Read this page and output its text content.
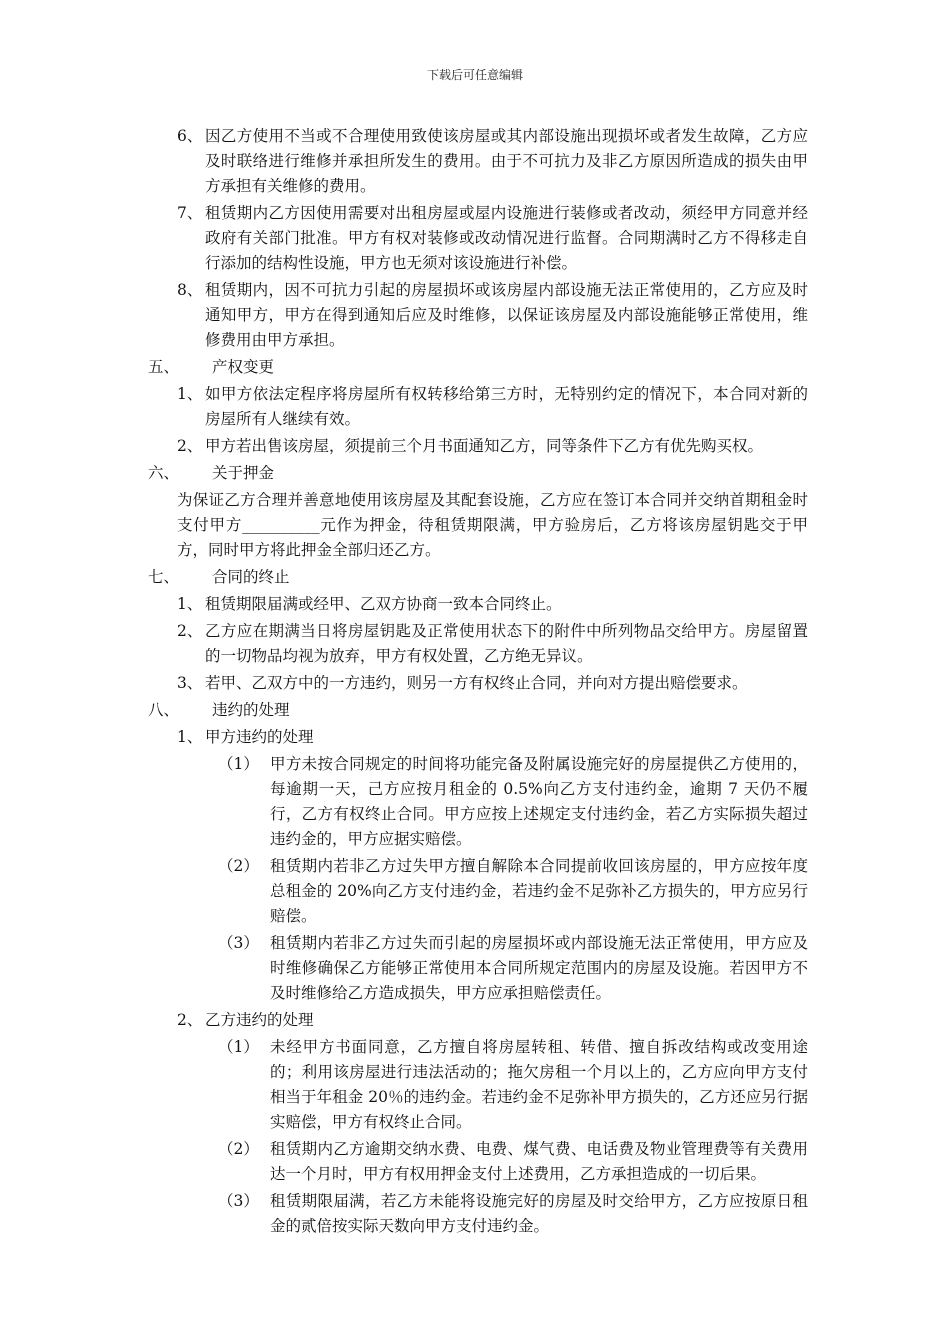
下载后可任意编辑
6、 因乙方使用不当或不合理使用致使该房屋或其内部设施出现损坏或者发生故障，乙方应及时联络进行维修并承担所发生的费用。由于不可抗力及非乙方原因所造成的损失由甲方承担有关维修的费用。
7、 租赁期内乙方因使用需要对出租房屋或屋内设施进行装修或者改动，须经甲方同意并经政府有关部门批准。甲方有权对装修或改动情况进行监督。合同期满时乙方不得移走自行添加的结构性设施，甲方也无须对该设施进行补偿。
8、 租赁期内，因不可抗力引起的房屋损坏或该房屋内部设施无法正常使用的，乙方应及时通知甲方，甲方在得到通知后应及时维修，以保证该房屋及内部设施能够正常使用，维修费用由甲方承担。
五、 产权变更
1、 如甲方依法定程序将房屋所有权转移给第三方时，无特别约定的情况下，本合同对新的房屋所有人继续有效。
2、 甲方若出售该房屋，须提前三个月书面通知乙方，同等条件下乙方有优先购买权。
六、 关于押金
为保证乙方合理并善意地使用该房屋及其配套设施，乙方应在签订本合同并交纳首期租金时支付甲方__________元作为押金，待租赁期限满，甲方验房后，乙方将该房屋钥匙交于甲方，同时甲方将此押金全部归还乙方。
七、 合同的终止
1、 租赁期限届满或经甲、乙双方协商一致本合同终止。
2、 乙方应在期满当日将房屋钥匙及正常使用状态下的附件中所列物品交给甲方。房屋留置的一切物品均视为放弃，甲方有权处置，乙方绝无异议。
3、 若甲、乙双方中的一方违约，则另一方有权终止合同，并向对方提出赔偿要求。
八、 违约的处理
1、 甲方违约的处理
（1） 甲方未按合同规定的时间将功能完备及附属设施完好的房屋提供乙方使用的，每逾期一天，己方应按月租金的 0.5%向乙方支付违约金，逾期 7 天仍不履行，乙方有权终止合同。甲方应按上述规定支付违约金，若乙方实际损失超过违约金的，甲方应据实赔偿。
（2） 租赁期内若非乙方过失甲方擅自解除本合同提前收回该房屋的，甲方应按年度总租金的 20%向乙方支付违约金，若违约金不足弥补乙方损失的，甲方应另行赔偿。
（3） 租赁期内若非乙方过失而引起的房屋损坏或内部设施无法正常使用，甲方应及时维修确保乙方能够正常使用本合同所规定范围内的房屋及设施。若因甲方不及时维修给乙方造成损失，甲方应承担赔偿责任。
2、 乙方违约的处理
（1） 未经甲方书面同意，乙方擅自将房屋转租、转借、擅自拆改结构或改变用途的；利用该房屋进行违法活动的；拖欠房租一个月以上的，乙方应向甲方支付相当于年租金 20％的违约金。若违约金不足弥补甲方损失的，乙方还应另行据实赔偿，甲方有权终止合同。
（2） 租赁期内乙方逾期交纳水费、电费、煤气费、电话费及物业管理费等有关费用达一个月时，甲方有权用押金支付上述费用，乙方承担造成的一切后果。
（3） 租赁期限届满，若乙方未能将设施完好的房屋及时交给甲方，乙方应按原日租金的贰倍按实际天数向甲方支付违约金。
